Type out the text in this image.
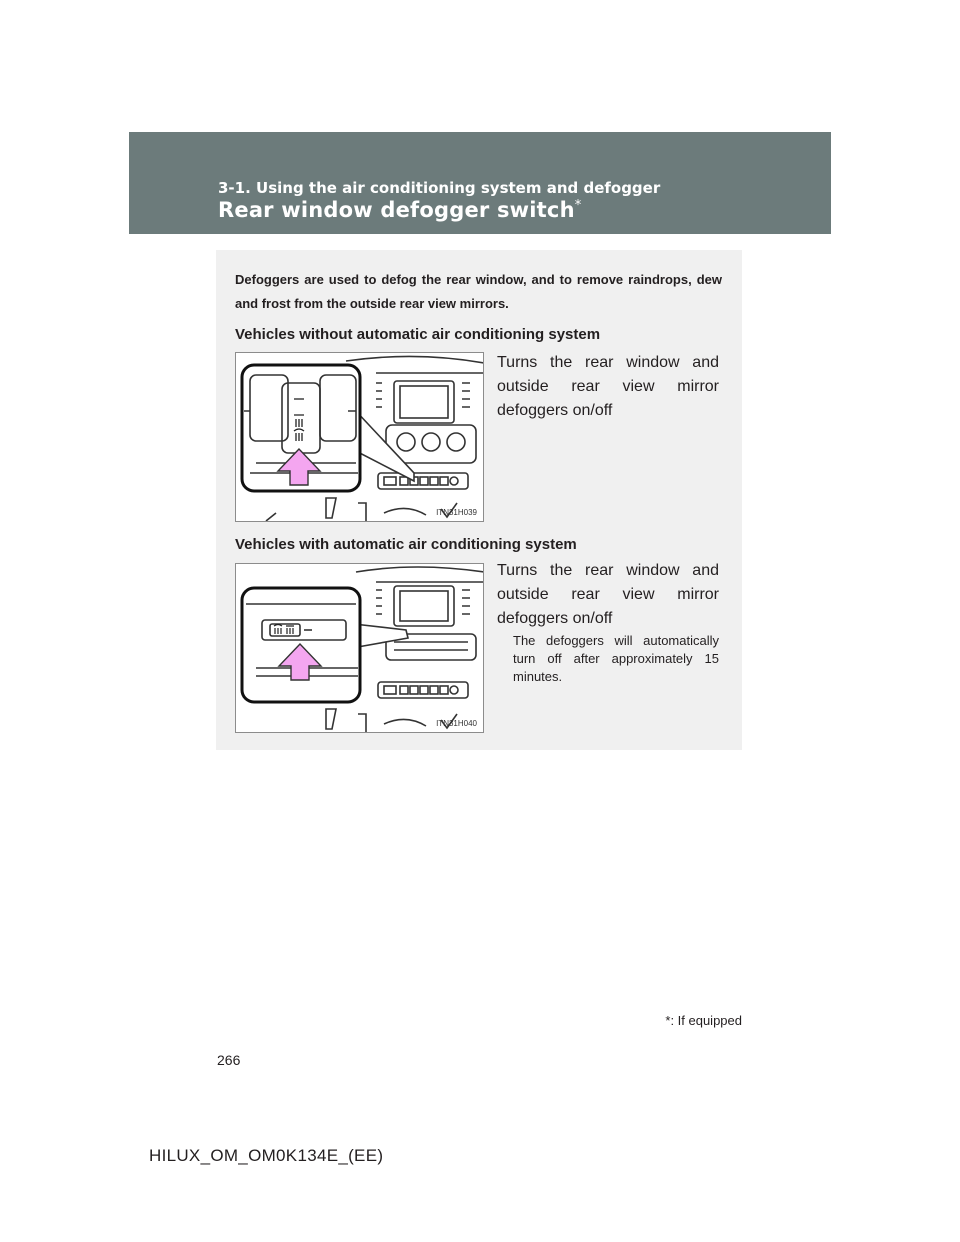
3-1. Using the air conditioning system and defogger
Rear window defogger switch*
Defoggers are used to defog the rear window, and to remove raindrops, dew and frost from the outside rear view mirrors.
Vehicles without automatic air conditioning system
ITN31H039
Turns the rear window and outside rear view mirror defoggers on/off
Vehicles with automatic air conditioning system
ITN31H040
Turns the rear window and outside rear view mirror defoggers on/off
The defoggers will automatically turn off after approximately 15 minutes.
*: If equipped
266
HILUX_OM_OM0K134E_(EE)
